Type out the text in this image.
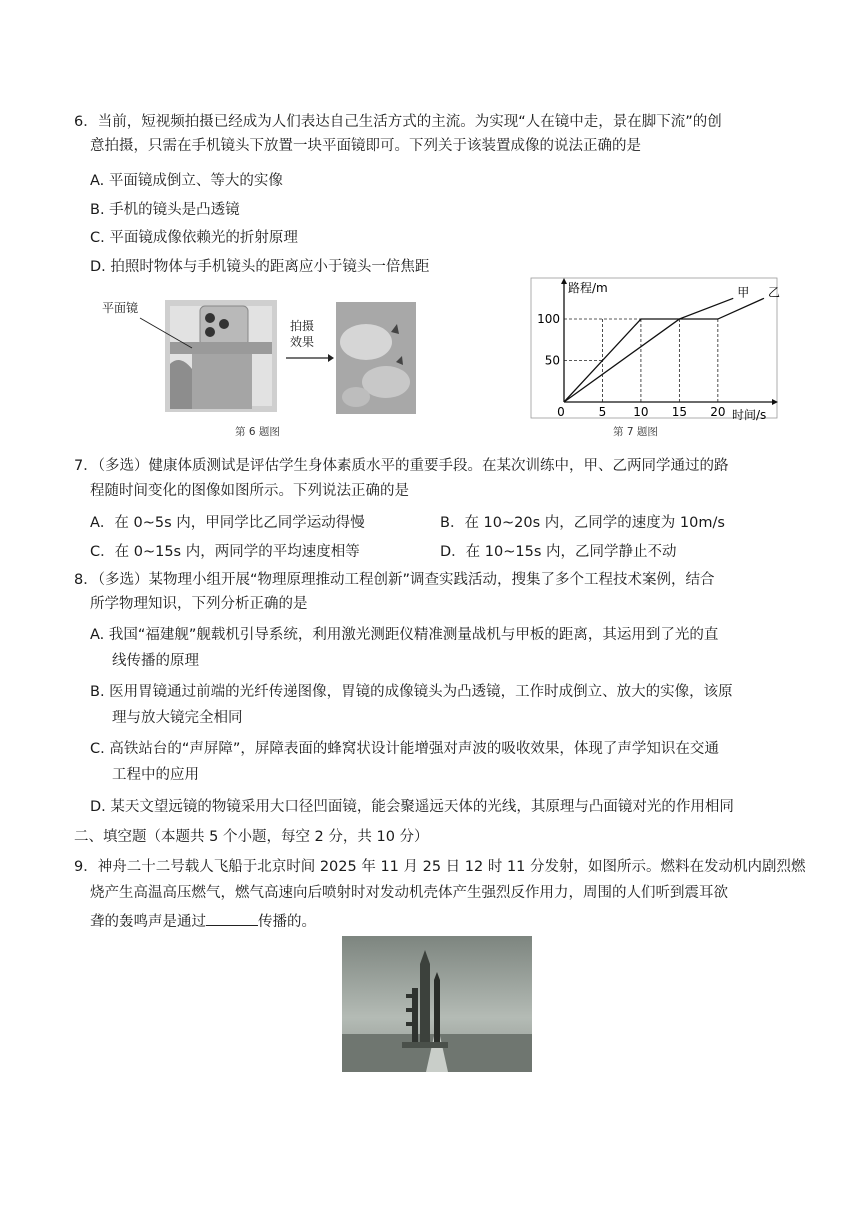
6．当前，短视频拍摄已经成为人们表达自己生活方式的主流。为实现“人在镜中走，景在脚下流”的创
意拍摄，只需在手机镜头下放置一块平面镜即可。下列关于该装置成像的说法正确的是
A. 平面镜成倒立、等大的实像
B. 手机的镜头是凸透镜
C. 平面镜成像依赖光的折射原理
D. 拍照时物体与手机镜头的距离应小于镜头一倍焦距
平面镜
拍摄
效果
第 6 题图
路程/m
时间/s
0	5 10 15 20
50
100
甲 乙
第 7 题图
7．（多选）健康体质测试是评估学生身体素质水平的重要手段。在某次训练中，甲、乙两同学通过的路
程随时间变化的图像如图所示。下列说法正确的是
A．在 0~5s 内，甲同学比乙同学运动得慢	B．在 10~20s 内，乙同学的速度为 10m/s
C．在 0~15s 内，两同学的平均速度相等	D．在 10~15s 内，乙同学静止不动
8．（多选）某物理小组开展“物理原理推动工程创新”调查实践活动，搜集了多个工程技术案例，结合
所学物理知识，下列分析正确的是
A. 我国“福建舰”舰载机引导系统，利用激光测距仪精准测量战机与甲板的距离，其运用到了光的直
线传播的原理
B. 医用胃镜通过前端的光纤传递图像，胃镜的成像镜头为凸透镜，工作时成倒立、放大的实像，该原
理与放大镜完全相同
C. 高铁站台的“声屏障”，屏障表面的蜂窝状设计能增强对声波的吸收效果，体现了声学知识在交通
工程中的应用
D. 某天文望远镜的物镜采用大口径凹面镜，能会聚遥远天体的光线，其原理与凸面镜对光的作用相同
二、填空题（本题共 5 个小题，每空 2 分，共 10 分）
9．神舟二十二号载人飞船于北京时间 2025 年 11 月 25 日 12 时 11 分发射，如图所示。燃料在发动机内剧烈燃
烧产生高温高压燃气，燃气高速向后喷射时对发动机壳体产生强烈反作用力，周围的人们听到震耳欲
聋的轰鸣声是通过	传播的。
